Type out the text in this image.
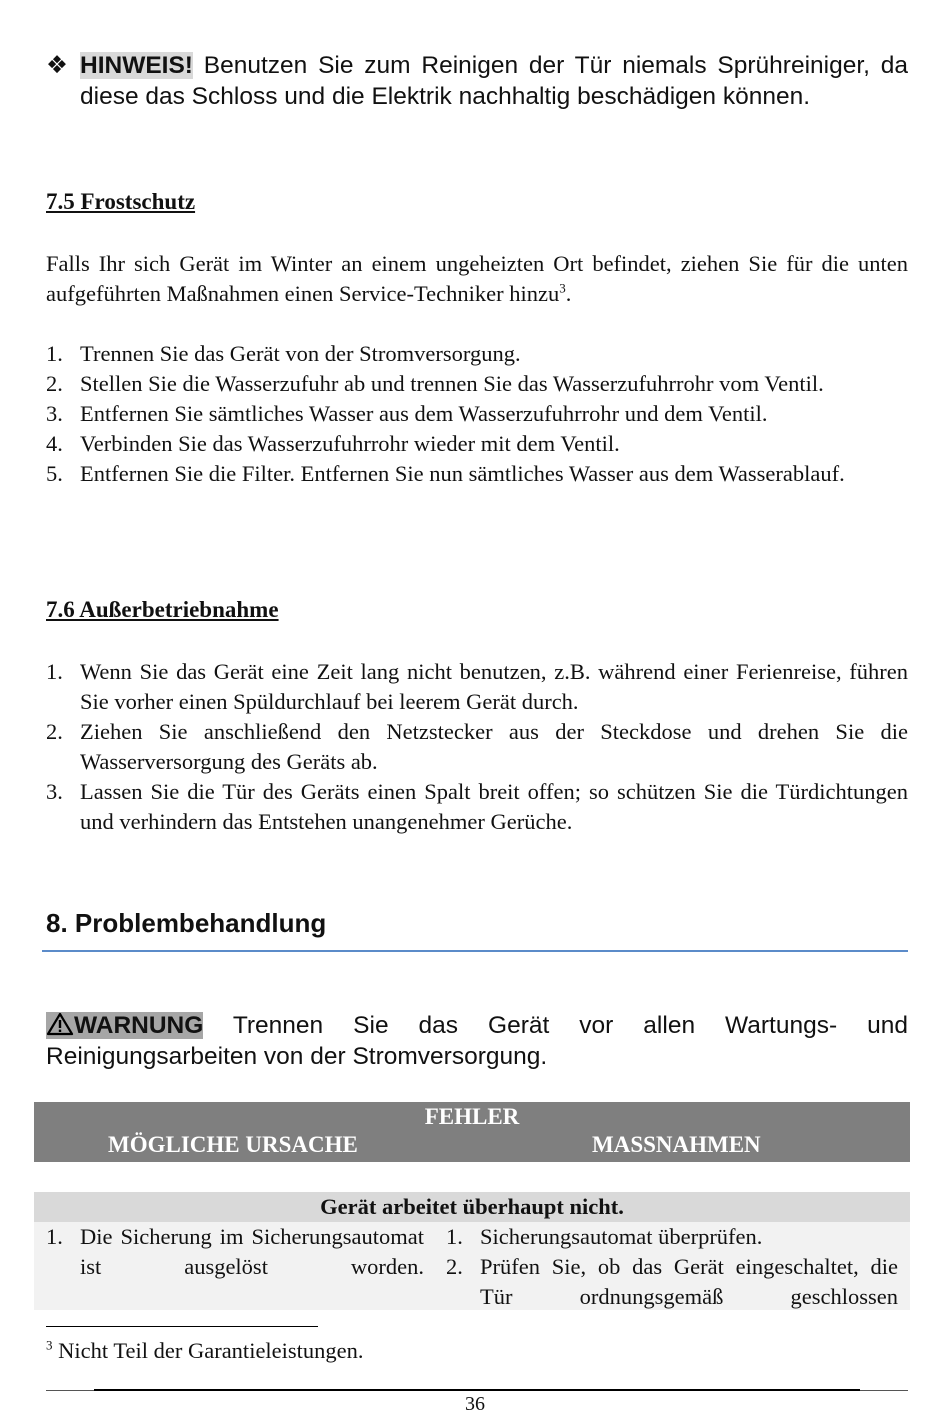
❖ HINWEIS! Benutzen Sie zum Reinigen der Tür niemals Sprühreiniger, da diese das Schloss und die Elektrik nachhaltig beschädigen können.
7.5 Frostschutz
Falls Ihr sich Gerät im Winter an einem ungeheizten Ort befindet, ziehen Sie für die unten aufgeführten Maßnahmen einen Service-Techniker hinzu$^3$.
1. Trennen Sie das Gerät von der Stromversorgung.
2. Stellen Sie die Wasserzufuhr ab und trennen Sie das Wasserzufuhrrohr vom Ventil.
3. Entfernen Sie sämtliches Wasser aus dem Wasserzufuhrrohr und dem Ventil.
4. Verbinden Sie das Wasserzufuhrrohr wieder mit dem Ventil.
5. Entfernen Sie die Filter. Entfernen Sie nun sämtliches Wasser aus dem Wasserablauf.
7.6 Außerbetriebnahme
1. Wenn Sie das Gerät eine Zeit lang nicht benutzen, z.B. während einer Ferienreise, führen Sie vorher einen Spüldurchlauf bei leerem Gerät durch.
2. Ziehen Sie anschließend den Netzstecker aus der Steckdose und drehen Sie die Wasserversorgung des Geräts ab.
3. Lassen Sie die Tür des Geräts einen Spalt breit offen; so schützen Sie die Türdichtungen und verhindern das Entstehen unangenehmer Gerüche.
8. Problembehandlung
WARNUNG Trennen Sie das Gerät vor allen Wartungs- und Reinigungsarbeiten von der Stromversorgung.
FEHLER
MÖGLICHE URSACHE	MASSNAHMEN
Gerät arbeitet überhaupt nicht.
1. Die Sicherung im Sicherungsautomat ist ausgelöst worden.
1. Sicherungsautomat überprüfen.
2. Prüfen Sie, ob das Gerät eingeschaltet, die Tür ordnungsgemäß geschlossen
$^3$ Nicht Teil der Garantieleistungen.
36
